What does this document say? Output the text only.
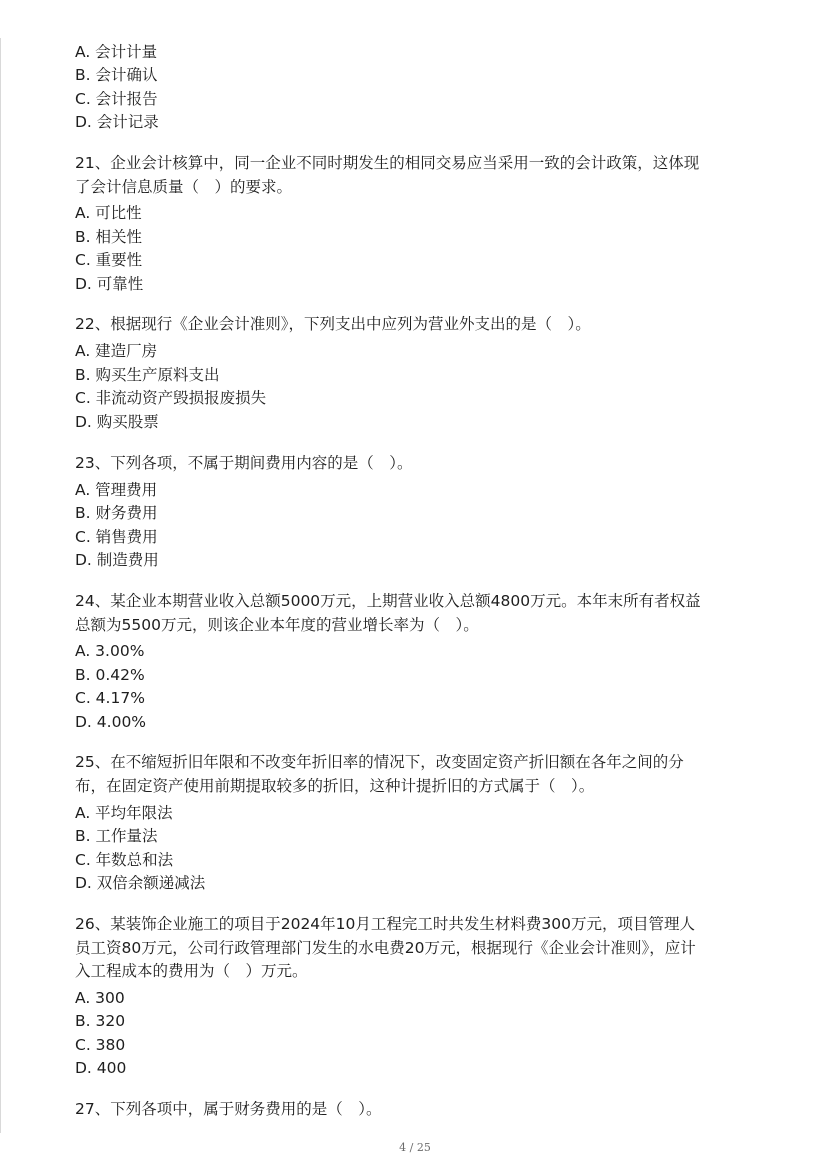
A. 会计计量
B. 会计确认
C. 会计报告
D. 会计记录
21、企业会计核算中，同一企业不同时期发生的相同交易应当采用一致的会计政策，这体现
了会计信息质量（　）的要求。
A. 可比性
B. 相关性
C. 重要性
D. 可靠性
22、根据现行《企业会计准则》，下列支出中应列为营业外支出的是（　）。
A. 建造厂房
B. 购买生产原料支出
C. 非流动资产毁损报废损失
D. 购买股票
23、下列各项，不属于期间费用内容的是（　）。
A. 管理费用
B. 财务费用
C. 销售费用
D. 制造费用
24、某企业本期营业收入总额5000万元，上期营业收入总额4800万元。本年末所有者权益
总额为5500万元，则该企业本年度的营业增长率为（　）。
A. 3.00%
B. 0.42%
C. 4.17%
D. 4.00%
25、在不缩短折旧年限和不改变年折旧率的情况下，改变固定资产折旧额在各年之间的分
布，在固定资产使用前期提取较多的折旧，这种计提折旧的方式属于（　）。
A. 平均年限法
B. 工作量法
C. 年数总和法
D. 双倍余额递减法
26、某装饰企业施工的项目于2024年10月工程完工时共发生材料费300万元，项目管理人
员工资80万元，公司行政管理部门发生的水电费20万元，根据现行《企业会计准则》，应计
入工程成本的费用为（　）万元。
A. 300
B. 320
C. 380
D. 400
27、下列各项中，属于财务费用的是（　）。
4 / 25
